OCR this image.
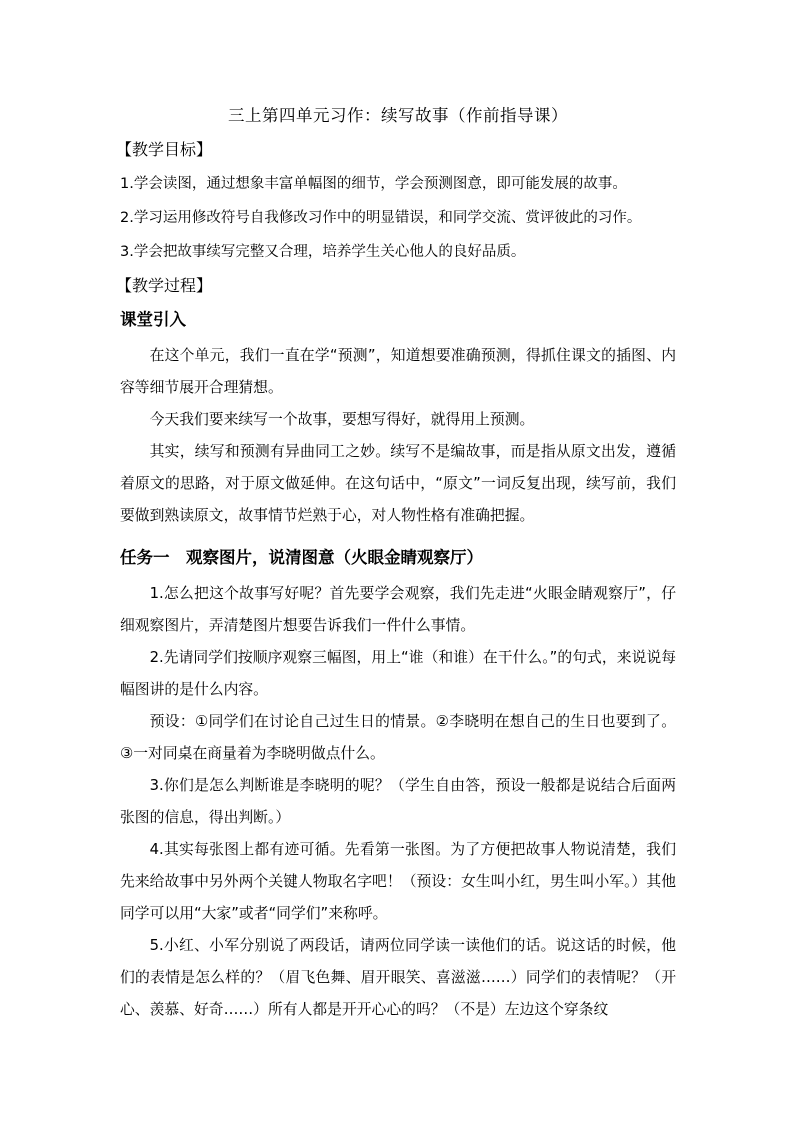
三上第四单元习作：续写故事（作前指导课）
【教学目标】
1.学会读图，通过想象丰富单幅图的细节，学会预测图意，即可能发展的故事。
2.学习运用修改符号自我修改习作中的明显错误，和同学交流、赏评彼此的习作。
3.学会把故事续写完整又合理，培养学生关心他人的良好品质。
【教学过程】
课堂引入

在这个单元，我们一直在学“预测”，知道想要准确预测，得抓住课文的插图、内容等细节展开合理猜想。

今天我们要来续写一个故事，要想写得好，就得用上预测。

其实，续写和预测有异曲同工之妙。续写不是编故事，而是指从原文出发，遵循着原文的思路，对于原文做延伸。在这句话中，“原文”一词反复出现，续写前，我们要做到熟读原文，故事情节烂熟于心，对人物性格有准确把握。

任务一　观察图片，说清图意（火眼金睛观察厅）

1.怎么把这个故事写好呢？首先要学会观察，我们先走进“火眼金睛观察厅”，仔细观察图片，弄清楚图片想要告诉我们一件什么事情。

2.先请同学们按顺序观察三幅图，用上“谁（和谁）在干什么。”的句式，来说说每幅图讲的是什么内容。

预设：①同学们在讨论自己过生日的情景。②李晓明在想自己的生日也要到了。③一对同桌在商量着为李晓明做点什么。

3.你们是怎么判断谁是李晓明的呢？（学生自由答，预设一般都是说结合后面两张图的信息，得出判断。）

4.其实每张图上都有迹可循。先看第一张图。为了方便把故事人物说清楚，我们先来给故事中另外两个关键人物取名字吧！（预设：女生叫小红，男生叫小军。）其他同学可以用“大家”或者“同学们”来称呼。

5.小红、小军分别说了两段话，请两位同学读一读他们的话。说这话的时候，他们的表情是怎么样的？（眉飞色舞、眉开眼笑、喜滋滋……）同学们的表情呢？（开心、羡慕、好奇……）所有人都是开开心心的吗？（不是）左边这个穿条纹
